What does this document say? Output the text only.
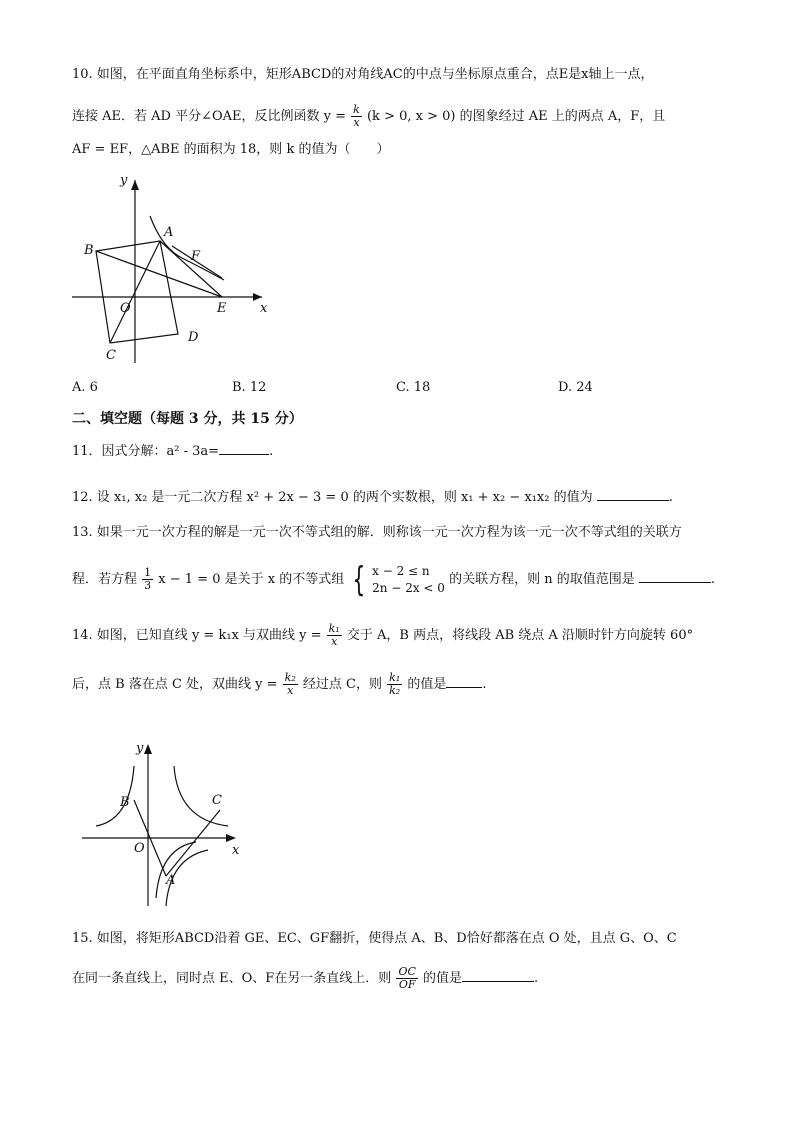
10. 如图，在平面直角坐标系中，矩形ABCD的对角线AC的中点与坐标原点重合，点E是x轴上一点，
连接 AE．若 AD 平分∠OAE，反比例函数 $y = \frac{k}{x} (k > 0$, x > 0) 的图象经过 AE 上的两点 A，F，且
AF = EF，△ABE 的面积为 18，则 k 的值为（　　）
y
x
O
A
B
C
D
E
F
A. 6	B. 12	C. 18	D. 24
二、填空题（每题 3 分，共 15 分）
11．因式分解：a² - 3a=	.
12. 设 x₁, x₂ 是一元二次方程 x² + 2x − 3 = 0 的两个实数根，则 x₁ + x₂ − x₁x₂ 的值为	.
13. 如果一元一次方程的解是一元一次不等式组的解．则称该一元一次方程为该一元一次不等式组的关联方
程．若方程 $\frac{1}{3}$ x − 1 = 0 是关于 x 的不等式组 { x − 2 ≤ n
2n − 2x < 0
的关联方程，则 n 的取值范围是	.
14. 如图，已知直线 y = k₁x 与双曲线 $y = \frac{\text{k₁}}{x}$ 交于 A，B 两点，将线段 AB 绕点 A 沿顺时针方向旋转 60°
后，点 B 落在点 C 处，双曲线 $y = \frac{\text{k₂}}{x}$ 经过点 C，则 $\frac{\text{k₁}}{\text{k₂}}$ 的值是	.
y
x
O
A
B	C
15. 如图，将矩形ABCD沿着 GE、EC、GF翻折，使得点 A、B、D恰好都落在点 O 处，且点 G、O、C
在同一条直线上，同时点 E、O、F在另一条直线上．则 $\frac{OC}{OF}$ 的值是	.
